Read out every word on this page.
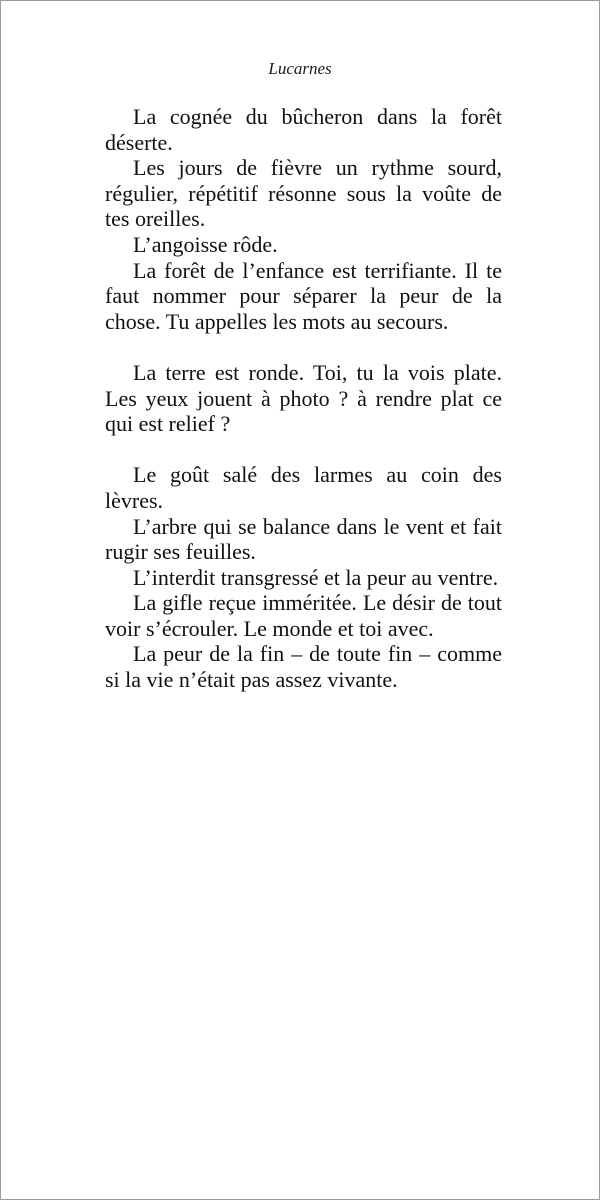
Lucarnes

La cognée du bûcheron dans la forêt déserte.

Les jours de fièvre un rythme sourd, régulier, répétitif résonne sous la voûte de tes oreilles.

L’angoisse rôde.

La forêt de l’enfance est terrifiante. Il te faut nommer pour séparer la peur de la chose. Tu appelles les mots au secours.

La terre est ronde. Toi, tu la vois plate. Les yeux jouent à photo ? à rendre plat ce qui est relief ?

Le goût salé des larmes au coin des lèvres.

L’arbre qui se balance dans le vent et fait rugir ses feuilles.

L’interdit transgressé et la peur au ventre.

La gifle reçue imméritée. Le désir de tout voir s’écrouler. Le monde et toi avec.

La peur de la fin – de toute fin – comme si la vie n’était pas assez vivante.
